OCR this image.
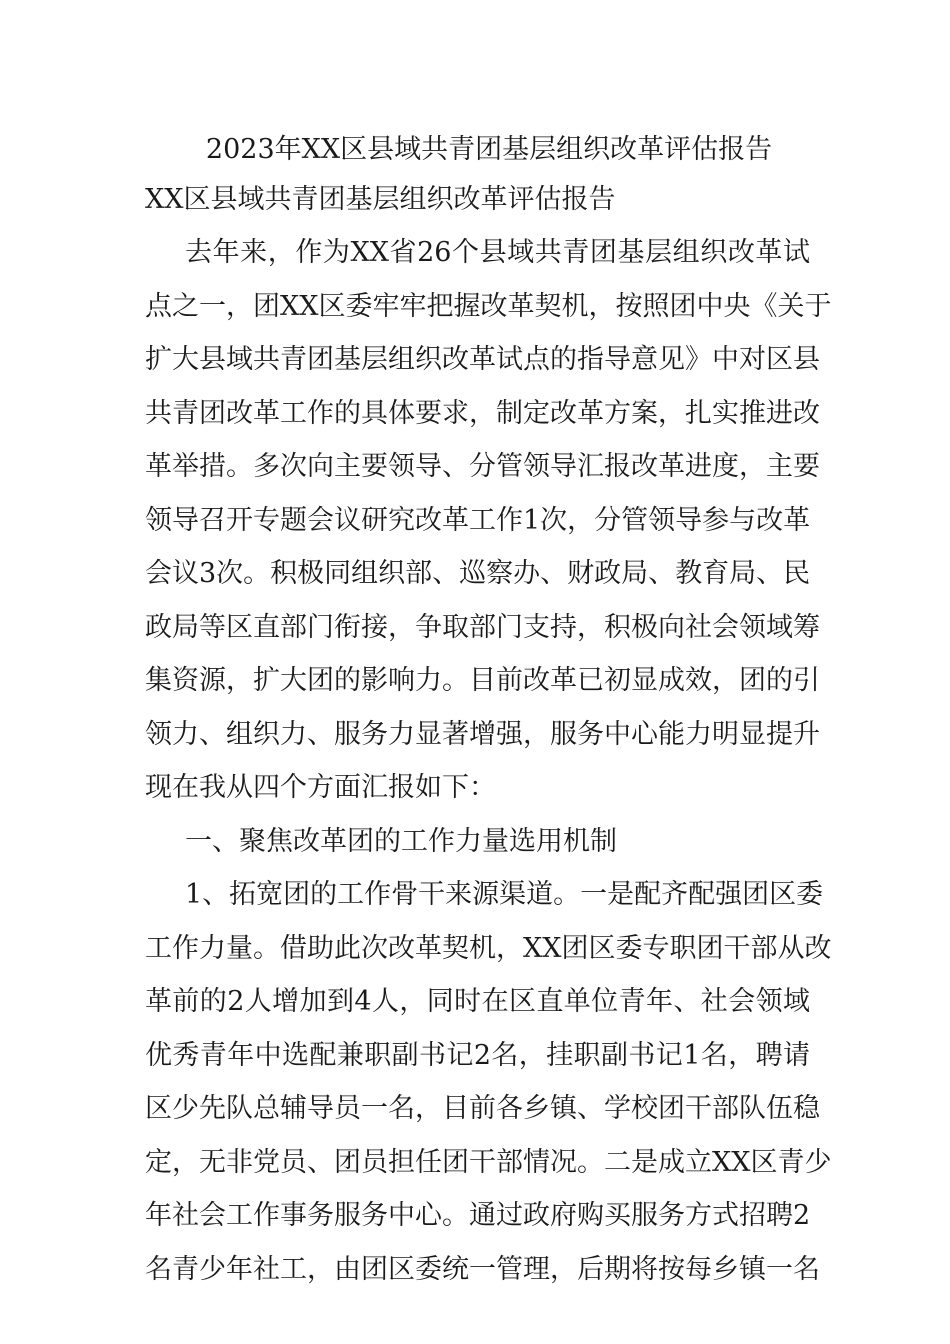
2023年XX区县域共青团基层组织改革评估报告
XX区县域共青团基层组织改革评估报告
去年来，作为XX省26个县域共青团基层组织改革试
点之一，团XX区委牢牢把握改革契机，按照团中央《关于
扩大县域共青团基层组织改革试点的指导意见》中对区县
共青团改革工作的具体要求，制定改革方案，扎实推进改
革举措。多次向主要领导、分管领导汇报改革进度，主要
领导召开专题会议研究改革工作1次，分管领导参与改革
会议3次。积极同组织部、巡察办、财政局、教育局、民
政局等区直部门衔接，争取部门支持，积极向社会领域筹
集资源，扩大团的影响力。目前改革已初显成效，团的引
领力、组织力、服务力显著增强，服务中心能力明显提升
现在我从四个方面汇报如下：
一、聚焦改革团的工作力量选用机制
1、拓宽团的工作骨干来源渠道。一是配齐配强团区委
工作力量。借助此次改革契机，XX团区委专职团干部从改
革前的2人增加到4人，同时在区直单位青年、社会领域
优秀青年中选配兼职副书记2名，挂职副书记1名，聘请
区少先队总辅导员一名，目前各乡镇、学校团干部队伍稳
定，无非党员、团员担任团干部情况。二是成立XX区青少
年社会工作事务服务中心。通过政府购买服务方式招聘2
名青少年社工，由团区委统一管理，后期将按每乡镇一名
